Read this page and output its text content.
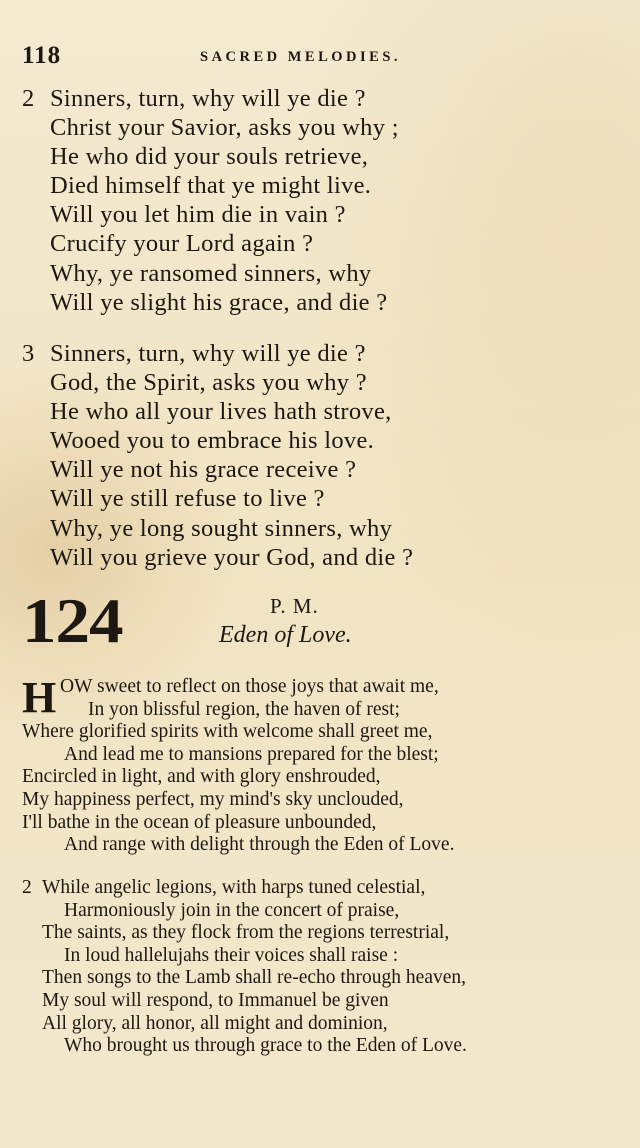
118	SACRED MELODIES.
2 Sinners, turn, why will ye die ?
Christ your Savior, asks you why ;
He who did your souls retrieve,
Died himself that ye might live.
Will you let him die in vain ?
Crucify your Lord again ?
Why, ye ransomed sinners, why
Will ye slight his grace, and die ?
3 Sinners, turn, why will ye die ?
God, the Spirit, asks you why ?
He who all your lives hath strove,
Wooed you to embrace his love.
Will ye not his grace receive ?
Will ye still refuse to live ?
Why, ye long sought sinners, why
Will you grieve your God, and die ?
124	P. M.
Eden of Love.
H OW sweet to reflect on those joys that await me,
In yon blissful region, the haven of rest;
Where glorified spirits with welcome shall greet me,
And lead me to mansions prepared for the blest;
Encircled in light, and with glory enshrouded,
My happiness perfect, my mind's sky unclouded,
I'll bathe in the ocean of pleasure unbounded,
And range with delight through the Eden of Love.
2 While angelic legions, with harps tuned celestial,
Harmoniously join in the concert of praise,
The saints, as they flock from the regions terrestrial,
In loud hallelujahs their voices shall raise :
Then songs to the Lamb shall re-echo through heaven,
My soul will respond, to Immanuel be given
All glory, all honor, all might and dominion,
Who brought us through grace to the Eden of Love.
